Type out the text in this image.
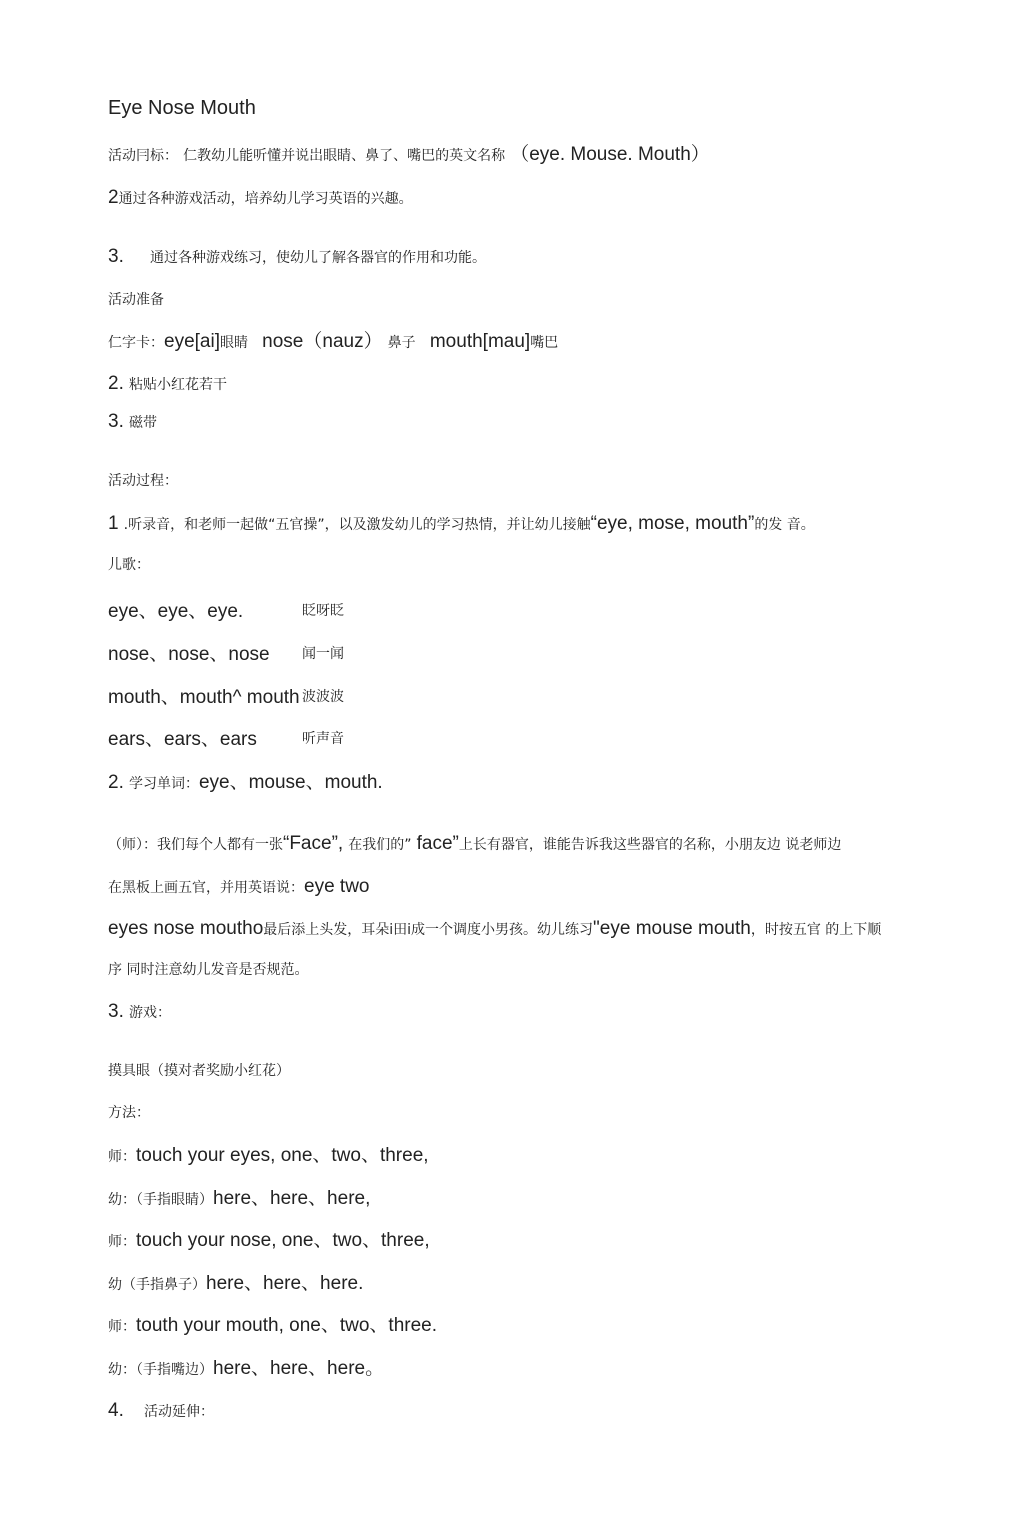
Eye Nose Mouth
活动冃标： 仁教幼儿能听懂并说岀眼睛、鼻了、嘴巴的英文名称 （eye. Mouse. Mouth）
2通过各种游戏活动，培养幼儿学习英语的兴趣。
3. 通过各种游戏练习，使幼儿了解各器官的作用和功能。
活动准备
仁字卡：eye[ai]眼睛 nose（nauz） 鼻子 mouth[mau]嘴巴
2. 粘贴小红花若干
3. 磁带
活动过程：
1 .听录音，和老师一起做“五官操”，以及激发幼儿的学习热情，并让幼儿接触“eye, mose, mouth”的发 音。
儿歌：
eye、eye、eye.	眨呀眨
nose、nose、nose 闻一闻
mouth、mouth^ mouth 波波波
ears、ears、ears	听声音
2. 学习单词：eye、mouse、mouth.
（师）：我们每个人都有一张“Face”, 在我们的” face”上长有器官，谁能告诉我这些器官的名称，小朋友边 说老师边
在黑板上画五官，并用英语说：eye two
eyes nose moutho最后添上头发，耳朵i田i成一个调度小男孩。幼儿练习"eye mouse mouth，时按五官 的上下顺
序 同时注意幼儿发音是否规范。
3. 游戏：
摸具眼（摸对者奖励小红花）
方法：
师：touch your eyes, one、two、three,
幼：（手指眼睛）here、here、here,
师：touch your nose, one、two、three,
幼（手指鼻子）here、here、here.
师：touth your mouth, one、two、three.
幼：（手指嘴边）here、here、here。
4. 活动延伸：
